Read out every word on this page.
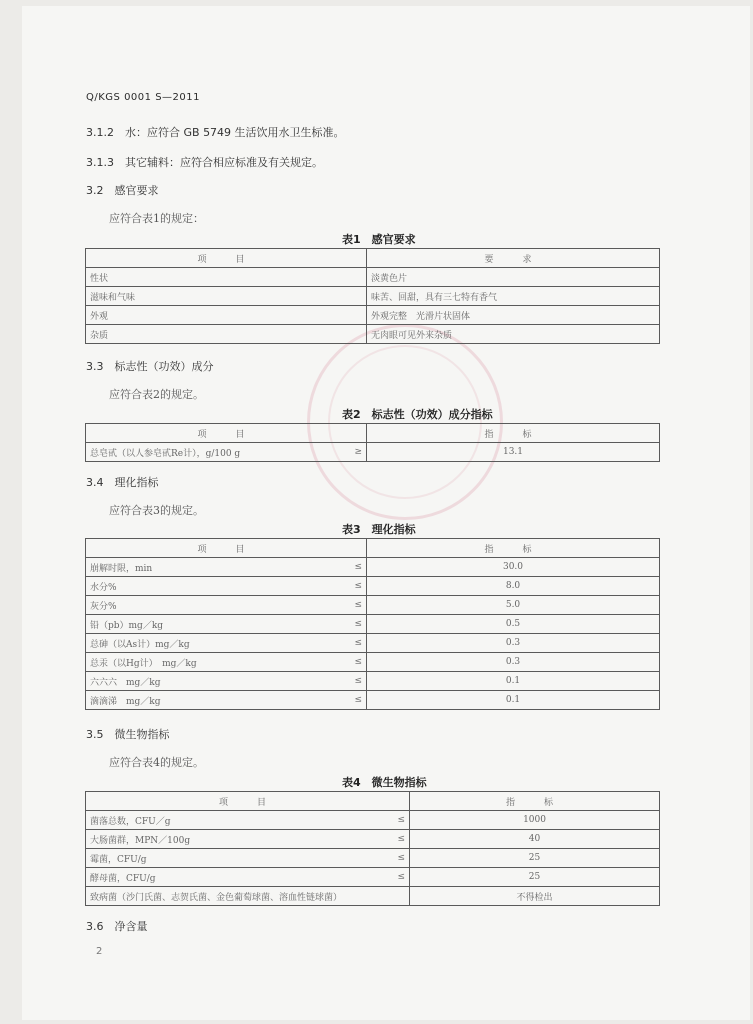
Q/KGS 0001 S—2011
3.1.2　 水：应符合 GB 5749 生活饮用水卫生标准。
3.1.3　 其它辅料：应符合相应标准及有关规定。
3.2　 感官要求
应符合表1的规定：
表1　感官要求
项　目	要　求
性状	淡黄色片
滋味和气味	味苦、回甜，具有三七特有香气
外观	外观完整　光滑片状固体
杂质	无肉眼可见外来杂质
3.3　 标志性（功效）成分
应符合表2的规定。
表2　标志性（功效）成分指标
项　目		指　标
总皂甙（以人参皂甙Re计），g/100 g	≥	13.1
3.4　 理化指标
应符合表3的规定。
表3　理化指标
项　目		指　标
崩解时限，min	≤	30.0
水分%	≤	8.0
灰分%	≤	5.0
铅（pb）mg／kg	≤	0.5
总砷（以As计）mg／kg	≤	0.3
总汞（以Hg计）　mg／kg	≤	0.3
六六六　mg／kg	≤	0.1
滴滴涕　mg／kg	≤	0.1
3.5　 微生物指标
应符合表4的规定。
表4　微生物指标
项　目		指　标
菌落总数，CFU／g	≤	1000
大肠菌群，MPN／100g	≤	40
霉菌，CFU/g	≤	25
酵母菌，CFU/g	≤	25
致病菌（沙门氏菌、志贺氏菌、金色葡萄球菌、溶血性链球菌）		不得检出
3.6　 净含量
2
